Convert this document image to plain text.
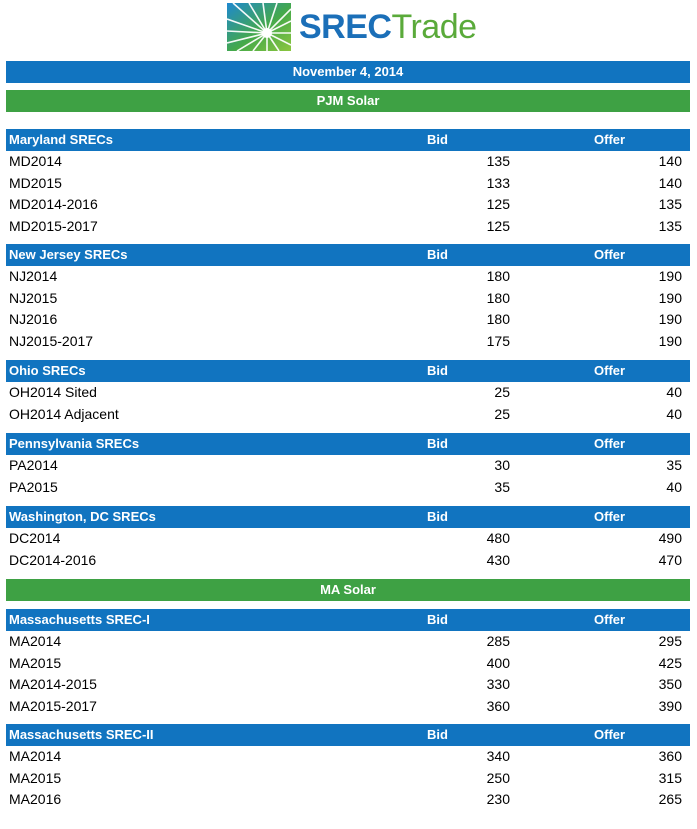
SRECTrade
November 4, 2014
PJM Solar
Maryland SRECs	Bid	Offer
MD2014	135	140
MD2015	133	140
MD2014-2016	125	135
MD2015-2017	125	135
New Jersey SRECs	Bid	Offer
NJ2014	180	190
NJ2015	180	190
NJ2016	180	190
NJ2015-2017	175	190
Ohio SRECs	Bid	Offer
OH2014 Sited	25	40
OH2014 Adjacent	25	40
Pennsylvania SRECs	Bid	Offer
PA2014	30	35
PA2015	35	40
Washington, DC SRECs	Bid	Offer
DC2014	480	490
DC2014-2016	430	470
MA Solar
Massachusetts SREC-I	Bid	Offer
MA2014	285	295
MA2015	400	425
MA2014-2015	330	350
MA2015-2017	360	390
Massachusetts SREC-II	Bid	Offer
MA2014	340	360
MA2015	250	315
MA2016	230	265
